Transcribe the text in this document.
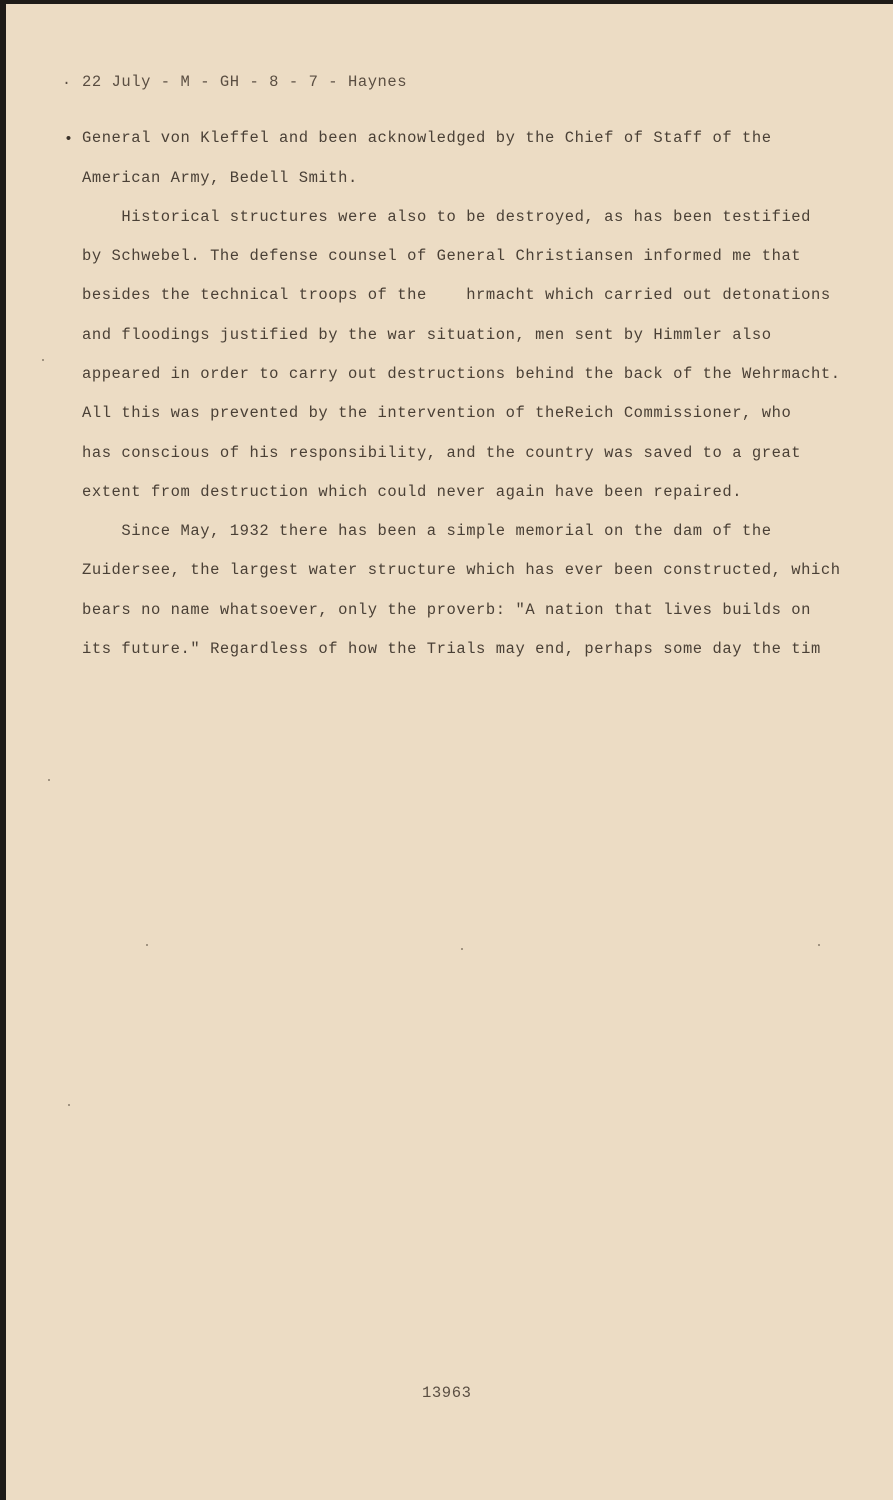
. 22 July - M - GH - 8 - 7 - Haynes
• General von Kleffel and been acknowledged by the Chief of Staff of the
American Army, Bedell Smith.
Historical structures were also to be destroyed, as has been testified
by Schwebel. The defense counsel of General Christiansen informed me that
besides the technical troops of the    hrmacht which carried out detonations
and floodings justified by the war situation, men sent by Himmler also
appeared in order to carry out destructions behind the back of the Wehrmacht.
All this was prevented by the intervention of theReich Commissioner, who
has conscious of his responsibility, and the country was saved to a great
extent from destruction which could never again have been repaired.
Since May, 1932 there has been a simple memorial on the dam of the
Zuidersee, the largest water structure which has ever been constructed, which
bears no name whatsoever, only the proverb: "A nation that lives builds on
its future." Regardless of how the Trials may end, perhaps some day the tim
13963
